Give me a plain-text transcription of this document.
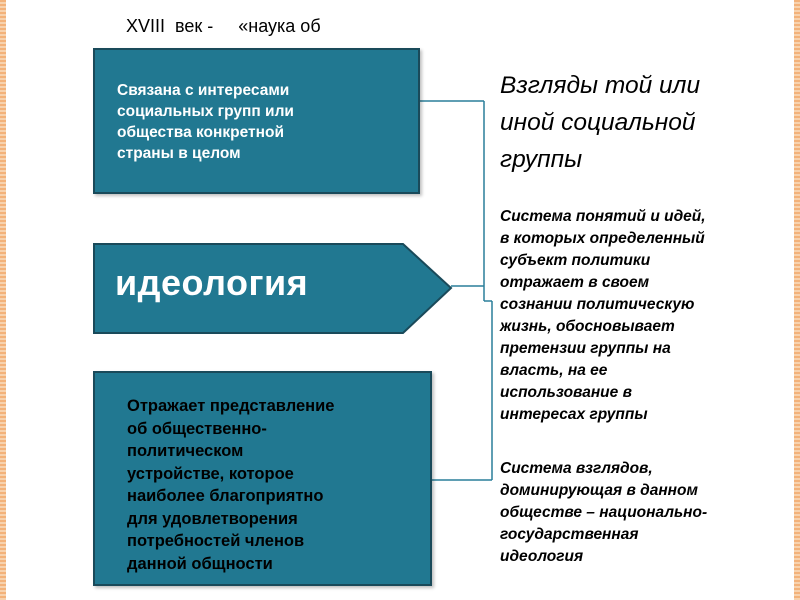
XVIII  век -     «наука об
Связана с интересами
социальных групп или
общества конкретной
страны в целом
идеология
Отражает представление
об общественно-
политическом
устройстве, которое
наиболее благоприятно
для удовлетворения
потребностей членов
данной общности
Взгляды той или
иной социальной
группы
Система понятий и идей,
в которых определенный
субъект политики
отражает в своем
сознании политическую
жизнь, обосновывает
претензии группы на
власть, на ее
использование в
интересах группы
Система взглядов,
доминирующая в данном
обществе – национально-
государственная
идеология
